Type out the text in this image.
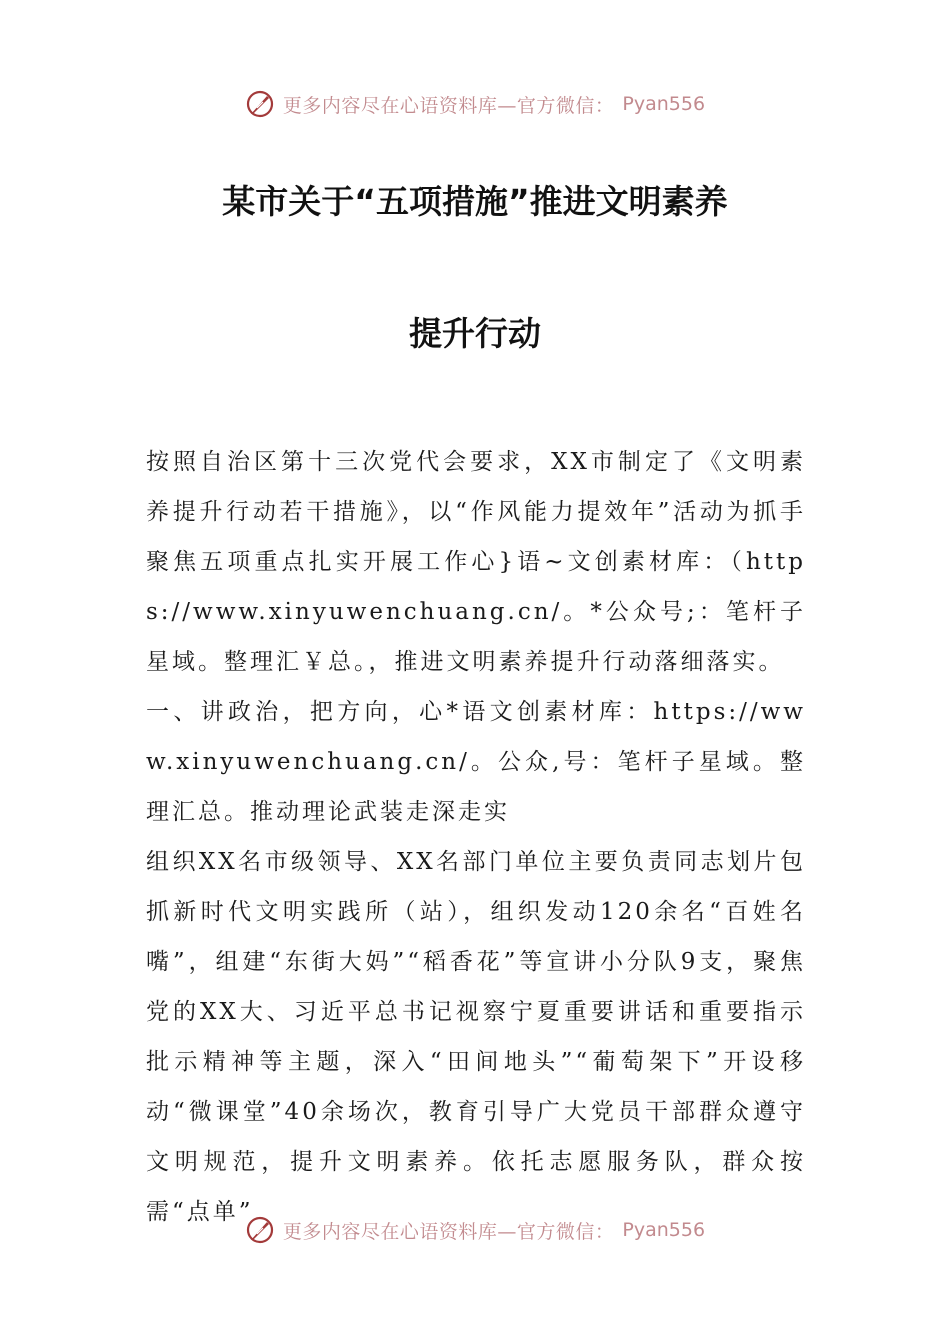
更多内容尽在心语资料库—官方微信： Pyan556
某市关于“五项措施”推进文明素养
提升行动

按照自治区第十三次党代会要求，XX市制定了《文明素养提升行动若干措施》，以“作风能力提效年”活动为抓手聚焦五项重点扎实开展工作心}语~文创素材库：（https://www.xinyuwenchuang.cn/。*公众号;：笔杆子星域。整理汇￥总。，推进文明素养提升行动落细落实。

一、讲政治，把方向，心*语文创素材库：https://www.xinyuwenchuang.cn/。公众,号：笔杆子星域。整理汇总。推动理论武装走深走实

组织XX名市级领导、XX名部门单位主要负责同志划片包抓新时代文明实践所（站），组织发动120余名“百姓名嘴”，组建“东街大妈”“稻香花”等宣讲小分队9支，聚焦党的XX大、习近平总书记视察宁夏重要讲话和重要指示批示精神等主题，深入“田间地头”“葡萄架下”开设移动“微课堂”40余场次，教育引导广大党员干部群众遵守文明规范，提升文明素养。依托志愿服务队，群众按需“点单”

更多内容尽在心语资料库—官方微信： Pyan556
